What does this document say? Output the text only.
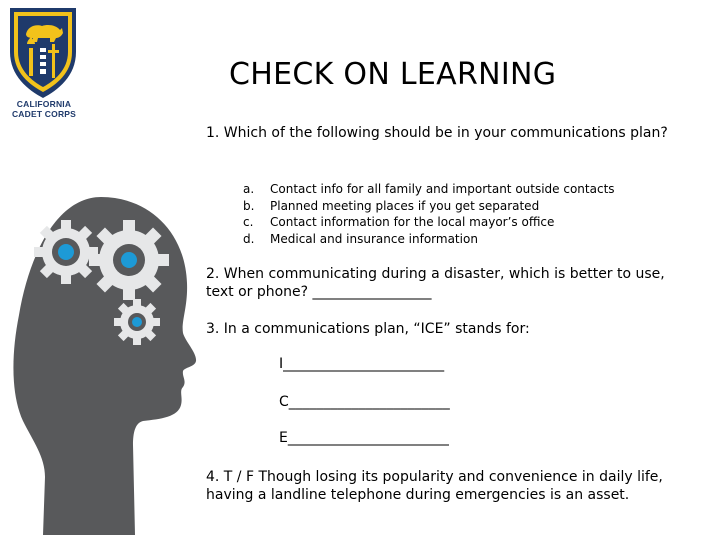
CALIFORNIA
CADET CORPS
CHECK ON LEARNING
1. Which of the following should be in your communications plan?
a.	Contact info for all family and important outside contacts
b.	Planned meeting places if you get separated
c.	Contact information for the local mayor’s office
d.	Medical and insurance information
2. When communicating during a disaster, which is better to use, text or phone? _________________
3. In a communications plan, “ICE” stands for:
I_______________________
C_______________________
E_______________________
4. T / F Though losing its popularity and convenience in daily life, having a landline telephone during emergencies is an asset.
